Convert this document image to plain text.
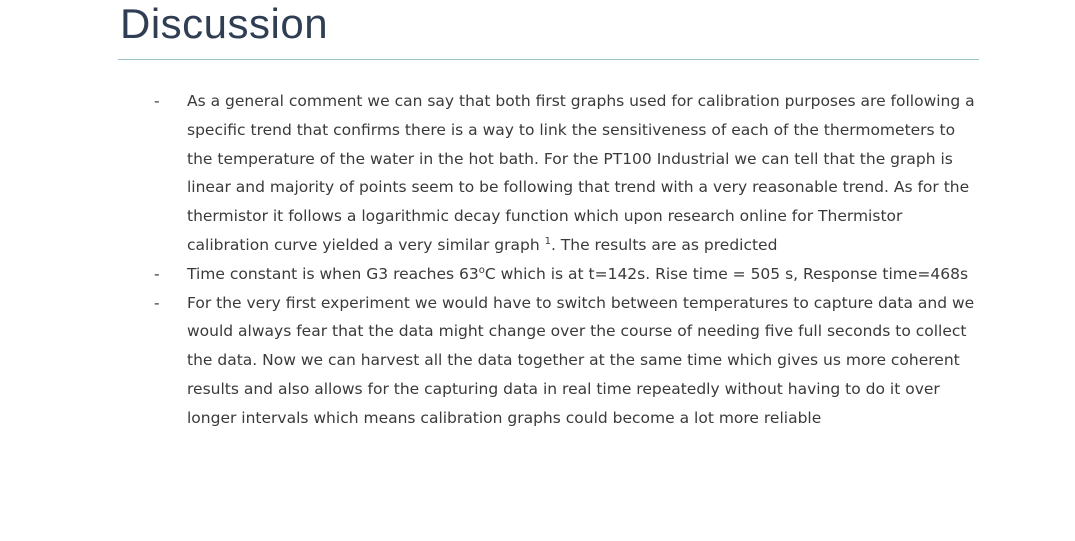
Discussion
-	As a general comment we can say that both first graphs used for calibration purposes are following a specific trend that confirms there is a way to link the sensitiveness of each of the thermometers to the temperature of the water in the hot bath. For the PT100 Industrial we can tell that the graph is linear and majority of points seem to be following that trend with a very reasonable trend. As for the thermistor it follows a logarithmic decay function which upon research online for Thermistor calibration curve yielded a very similar graph $^1$. The results are as predicted
-	Time constant is when G3 reaches 63$^o$C which is at t=142s. Rise time = 505 s, Response time=468s
-	For the very first experiment we would have to switch between temperatures to capture data and we would always fear that the data might change over the course of needing five full seconds to collect the data. Now we can harvest all the data together at the same time which gives us more coherent results and also allows for the capturing data in real time repeatedly without having to do it over longer intervals which means calibration graphs could become a lot more reliable
